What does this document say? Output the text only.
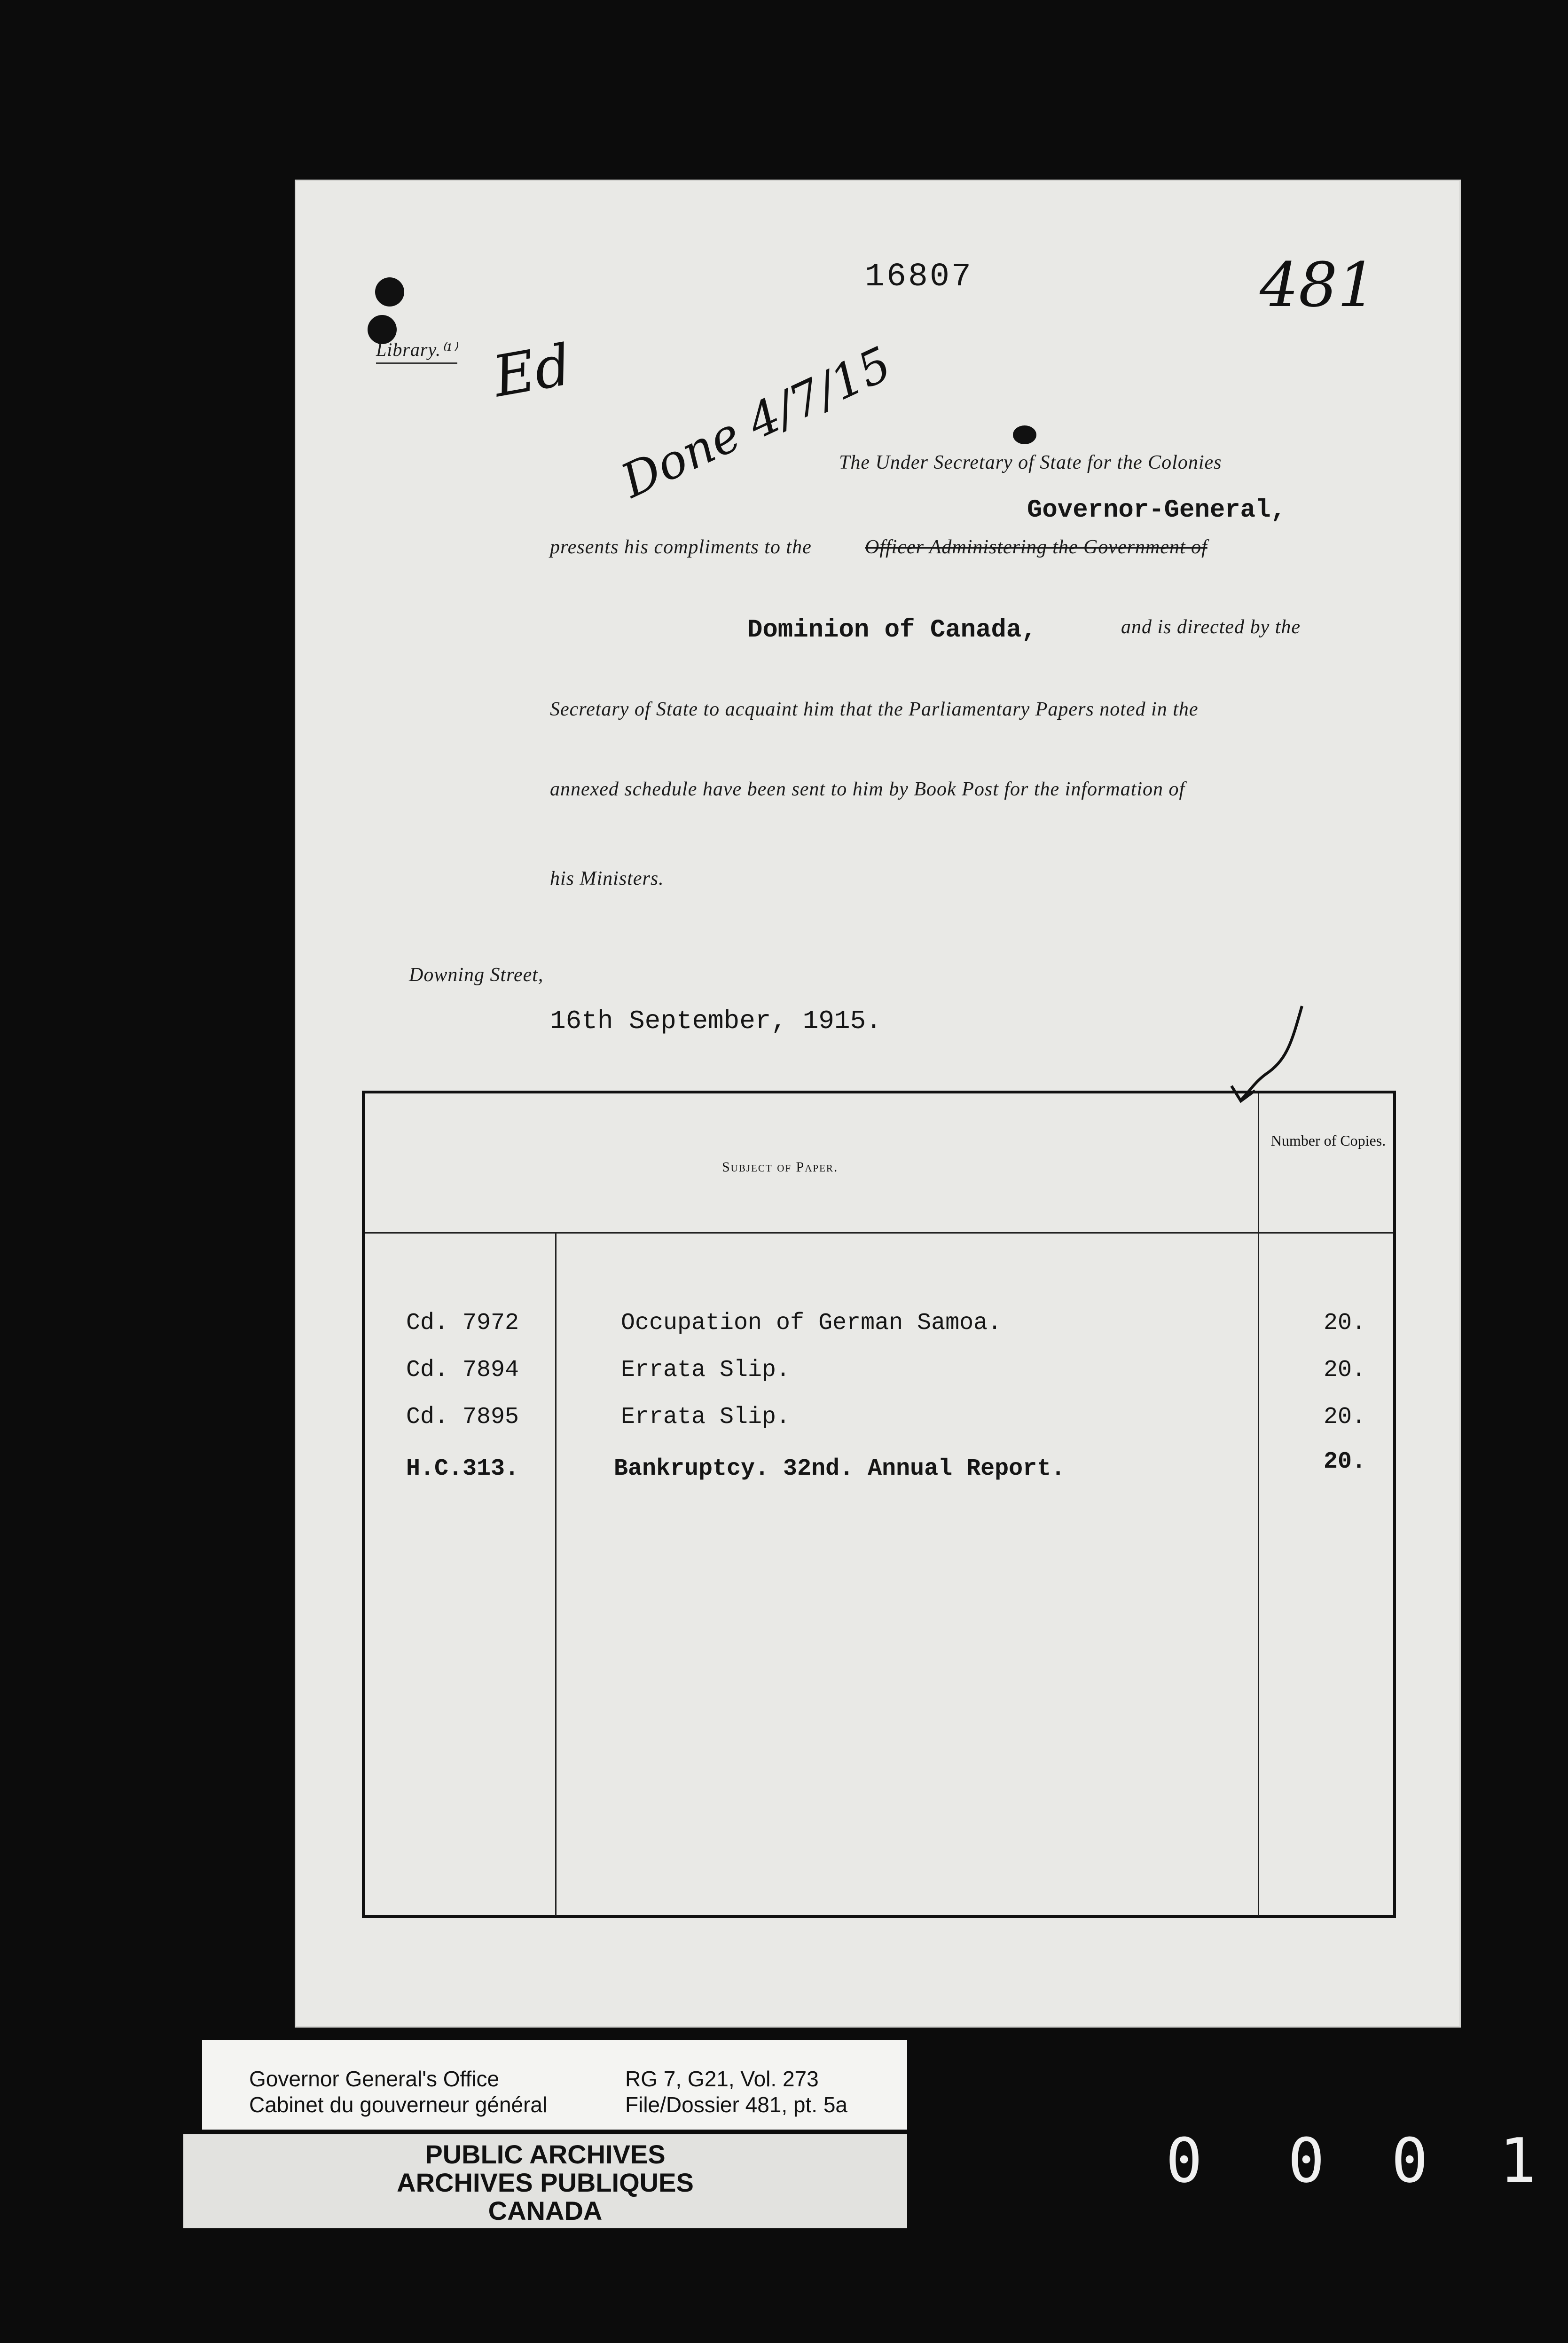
Library.⁽¹⁾
16807	481
Ed Done 4/7/15
The Under Secretary of State for the Colonies
Governor-General,
presents his compliments to the	Officer Administering the Government of
Dominion of Canada,	and is directed by the
Secretary of State to acquaint him that the Parliamentary Papers noted in the
annexed schedule have been sent to him by Book Post for the information of
his Ministers.
Downing Street,
16th September, 1915.
Subject of Paper.
Number of Copies.
Cd. 7972	Occupation of German Samoa.	20.
Cd. 7894	Errata Slip.	20.
Cd. 7895	Errata Slip.	20.
H.C.313.	Bankruptcy. 32nd. Annual Report.	20.
Governor General's Office
Cabinet du gouverneur général
RG 7, G21, Vol. 273
File/Dossier 481, pt. 5a
PUBLIC ARCHIVES
ARCHIVES PUBLIQUES
CANADA
0 0 0 1
